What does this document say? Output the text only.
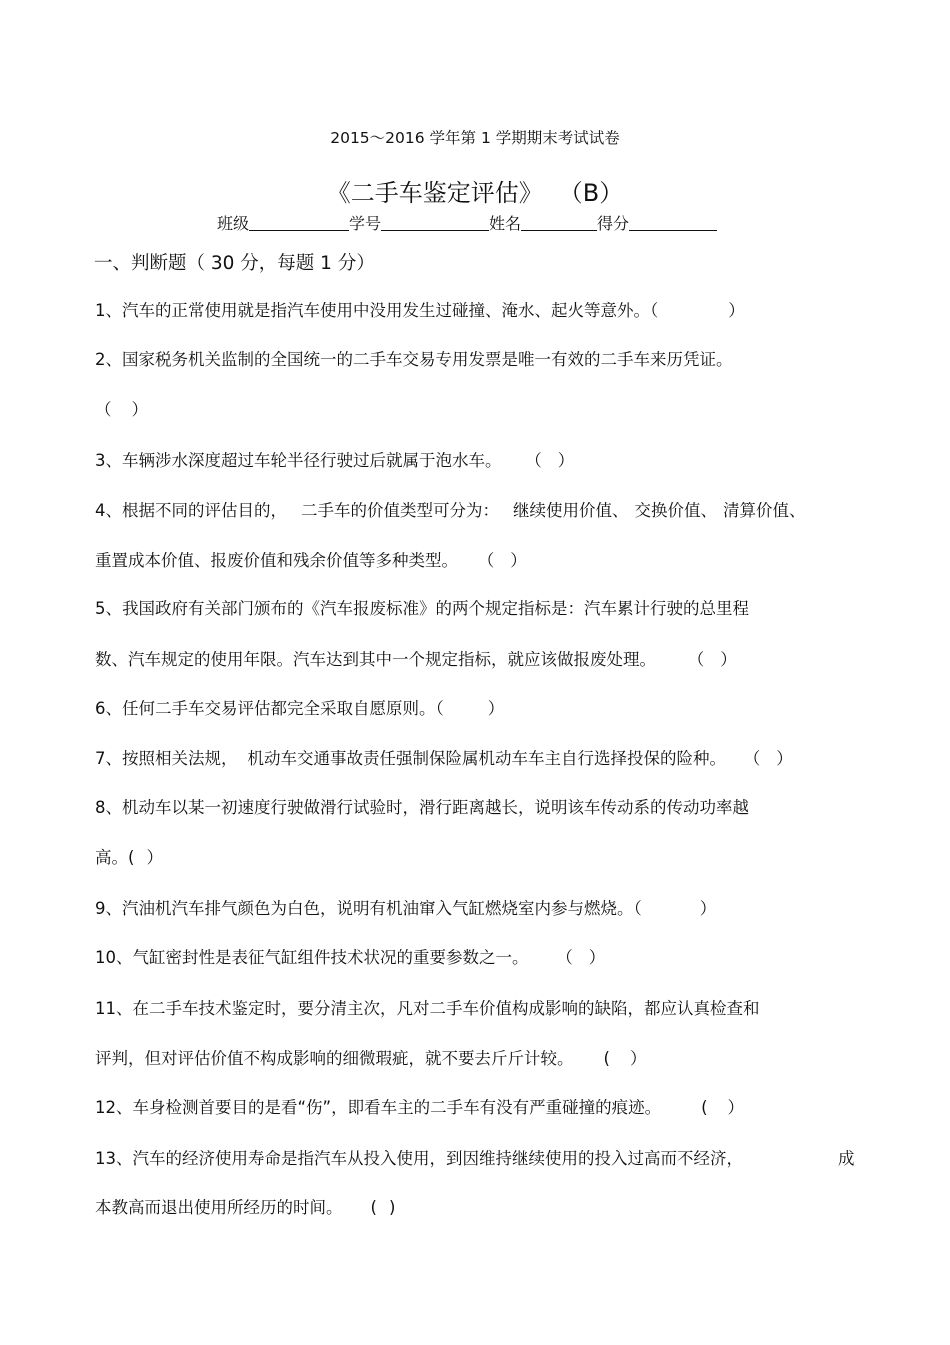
2015～2016 学年第 1 学期期末考试试卷
《二手车鉴定评估》 （B）
班级	学号	姓名	得分
一、判断题（ 30 分，每题 1 分）
1、汽车的正常使用就是指汽车使用中没用发生过碰撞、淹水、起火等意外。（	）
2、国家税务机关监制的全国统一的二手车交易专用发票是唯一有效的二手车来历凭证。
（ ）
3、车辆涉水深度超过车轮半径行驶过后就属于泡水车。 （ ）
4、根据不同的评估目的， 二手车的价值类型可分为： 继续使用价值、 交换价值、 清算价值、
重置成本价值、报废价值和残余价值等多种类型。 （ ）
5、我国政府有关部门颁布的《汽车报废标准》的两个规定指标是：汽车累计行驶的总里程
数、汽车规定的使用年限。汽车达到其中一个规定指标，就应该做报废处理。 （ ）
6、任何二手车交易评估都完全采取自愿原则。（	）
7、按照相关法规， 机动车交通事故责任强制保险属机动车车主自行选择投保的险种。 （ ）
8、机动车以某一初速度行驶做滑行试验时，滑行距离越长，说明该车传动系的传动功率越
高。( ）
9、汽油机汽车排气颜色为白色，说明有机油窜入气缸燃烧室内参与燃烧。（	）
10、气缸密封性是表征气缸组件技术状况的重要参数之一。 （ ）
11、在二手车技术鉴定时，要分清主次，凡对二手车价值构成影响的缺陷，都应认真检查和
评判，但对评估价值不构成影响的细微瑕疵，就不要去斤斤计较。 ( ）
12、车身检测首要目的是看“伤”，即看车主的二手车有没有严重碰撞的痕迹。 ( ）
13、汽车的经济使用寿命是指汽车从投入使用，到因维持继续使用的投入过高而不经济，	成
本教高而退出使用所经历的时间。 ( )
